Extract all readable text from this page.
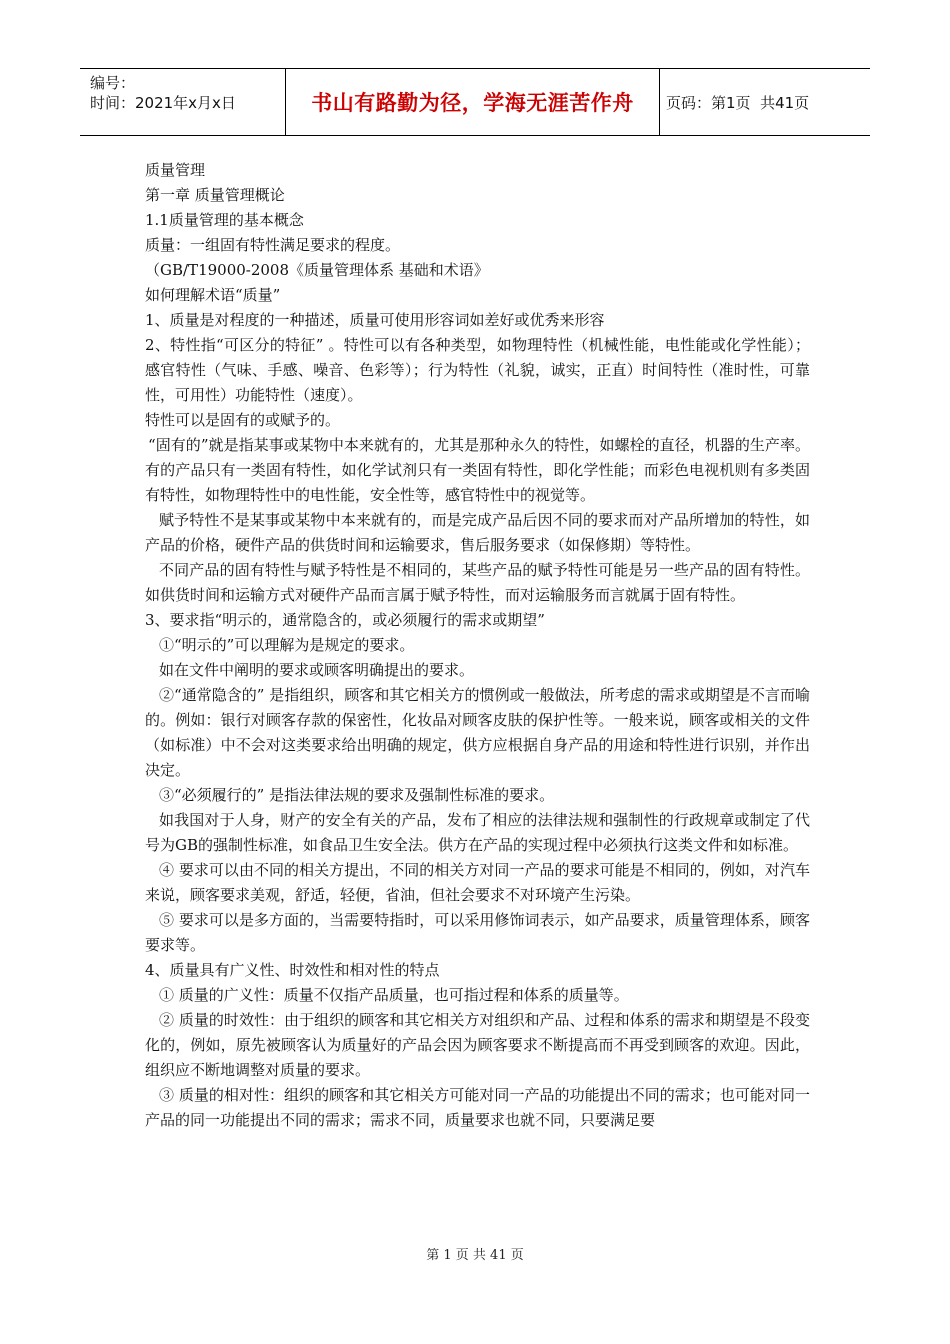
编号：
时间：2021年x月x日	书山有路勤为径，学海无涯苦作舟	页码：第1页  共41页

质量管理

第一章 质量管理概论

1.1质量管理的基本概念

质量：一组固有特性满足要求的程度。

（GB/T19000-2008《质量管理体系 基础和术语》

如何理解术语“质量”

1、质量是对程度的一种描述，质量可使用形容词如差好或优秀来形容

2、特性指“可区分的特征” 。特性可以有各种类型，如物理特性（机械性能，电性能或化学性能）；感官特性（气味、手感、噪音、色彩等）；行为特性（礼貌，诚实，正直）时间特性（准时性，可靠性，可用性）功能特性（速度）。

特性可以是固有的或赋予的。

“固有的”就是指某事或某物中本来就有的，尤其是那种永久的特性，如螺栓的直径，机器的生产率。有的产品只有一类固有特性，如化学试剂只有一类固有特性，即化学性能；而彩色电视机则有多类固有特性，如物理特性中的电性能，安全性等，感官特性中的视觉等。

赋予特性不是某事或某物中本来就有的，而是完成产品后因不同的要求而对产品所增加的特性，如产品的价格，硬件产品的供货时间和运输要求，售后服务要求（如保修期）等特性。

不同产品的固有特性与赋予特性是不相同的，某些产品的赋予特性可能是另一些产品的固有特性。如供货时间和运输方式对硬件产品而言属于赋予特性，而对运输服务而言就属于固有特性。

3、要求指“明示的，通常隐含的，或必须履行的需求或期望”

①“明示的”可以理解为是规定的要求。

如在文件中阐明的要求或顾客明确提出的要求。

②“通常隐含的” 是指组织，顾客和其它相关方的惯例或一般做法，所考虑的需求或期望是不言而喻的。例如：银行对顾客存款的保密性，化妆品对顾客皮肤的保护性等。一般来说，顾客或相关的文件（如标准）中不会对这类要求给出明确的规定，供方应根据自身产品的用途和特性进行识别，并作出决定。

③“必须履行的” 是指法律法规的要求及强制性标准的要求。

如我国对于人身，财产的安全有关的产品，发布了相应的法律法规和强制性的行政规章或制定了代号为GB的强制性标准，如食品卫生安全法。供方在产品的实现过程中必须执行这类文件和如标准。

④ 要求可以由不同的相关方提出，不同的相关方对同一产品的要求可能是不相同的，例如，对汽车来说，顾客要求美观，舒适，轻便，省油，但社会要求不对环境产生污染。

⑤ 要求可以是多方面的，当需要特指时，可以采用修饰词表示，如产品要求，质量管理体系，顾客要求等。

4、质量具有广义性、时效性和相对性的特点

① 质量的广义性：质量不仅指产品质量，也可指过程和体系的质量等。

② 质量的时效性：由于组织的顾客和其它相关方对组织和产品、过程和体系的需求和期望是不段变化的，例如，原先被顾客认为质量好的产品会因为顾客要求不断提高而不再受到顾客的欢迎。因此，组织应不断地调整对质量的要求。

③ 质量的相对性：组织的顾客和其它相关方可能对同一产品的功能提出不同的需求；也可能对同一产品的同一功能提出不同的需求；需求不同，质量要求也就不同，只要满足要

第 1 页 共 41 页
